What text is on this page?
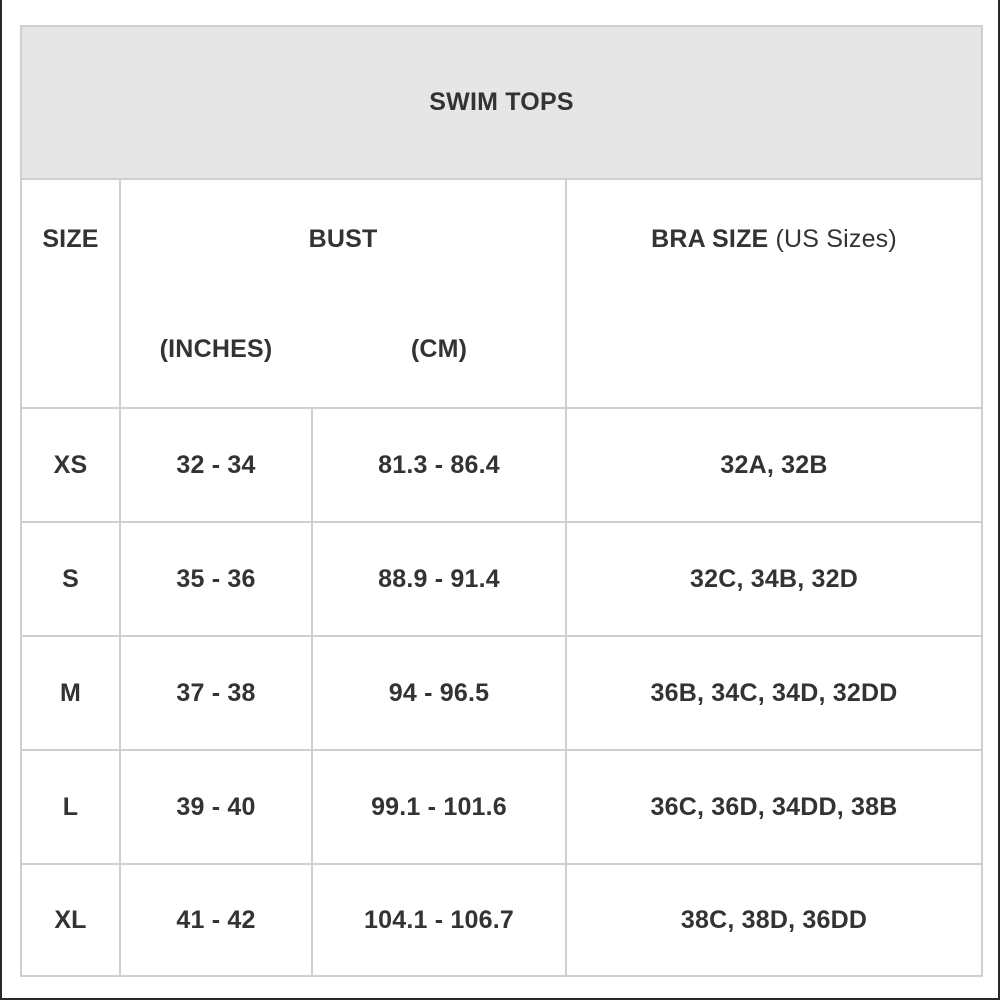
SWIM TOPS
SIZE	BUST
(INCHES)	(CM)
BRA SIZE (US Sizes)
XS	32 - 34	81.3 - 86.4	32A, 32B
S	35 - 36	88.9 - 91.4	32C, 34B, 32D
M	37 - 38	94 - 96.5	36B, 34C, 34D, 32DD
L	39 - 40	99.1 - 101.6	36C, 36D, 34DD, 38B
XL	41 - 42	104.1 - 106.7	38C, 38D, 36DD
